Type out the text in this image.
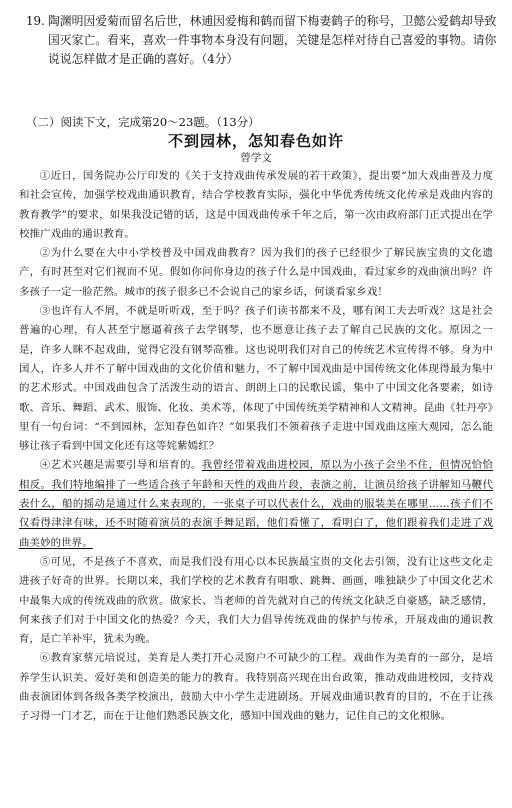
19. 陶渊明因爱菊而留名后世，林逋因爱梅和鹤而留下梅妻鹤子的称号，卫懿公爱鹤却导致国灭家亡。看来，喜欢一件事物本身没有问题，关键是怎样对待自己喜爱的事物。请你说说怎样做才是正确的喜好。（4分）
（二）阅读下文，完成第20～23题。（13分）
不到园林，怎知春色如许
曾学文

①近日，国务院办公厅印发的《关于支持戏曲传承发展的若干政策》，提出要“加大戏曲普及力度和社会宣传，加强学校戏曲通识教育，结合学校教育实际，强化中华优秀传统文化传承是戏曲内容的教育教学”的要求，如果我没记错的话，这是中国戏曲传承千年之后，第一次由政府部门正式提出在学校推广戏曲的通识教育。

②为什么要在大中小学校普及中国戏曲教育？因为我们的孩子已经很少了解民族宝贵的文化遗产，有时甚至对它们视而不见。假如你问你身边的孩子什么是中国戏曲，看过家乡的戏曲演出吗？许多孩子一定一脸茫然。城市的孩子很多已不会说自己的家乡话，何谈看家乡戏！

③也许有人不屑，不就是听听戏，至于吗？孩子们读书都来不及，哪有闲工夫去听戏？这是社会普遍的心理，有人甚至宁愿逼着孩子去学钢琴，也不愿意让孩子去了解自己民族的文化。原因之一是，许多人眯不起戏曲，觉得它没有钢琴高雅。这也说明我们对自己的传统艺术宣传得不够。身为中国人，许多人并不了解中国戏曲的文化价值和魅力，不了解中国戏曲是中国传统文化体现得最为集中的艺术形式。中国戏曲包含了活泼生动的语言、朗朗上口的民歌民谣，集中了中国文化各要素，如诗歌、音乐、舞蹈、武术、服饰、化妆、美术等，体现了中国传统美学精神和人文精神。昆曲《牡丹亭》里有一句台词：“不到园林，怎知春色如许？”如果我们不领着孩子走进中国戏曲这座大观园，怎么能够让孩子看到中国文化还有这等姹紫嫣红？

④艺术兴趣是需要引导和培育的。我曾经带着戏曲进校园，原以为小孩子会坐不住，但情况恰恰相反。我们特地编排了一些适合孩子年龄和天性的戏曲片段，表演之前，让演员给孩子讲解知马鞭代表什么，船的摇动是通过什么来表现的，一张桌子可以代表什么，戏曲的服装美在哪里……孩子们不仅看得津津有味，还不时随着演员的表演手舞足蹈，他们看懂了，看明白了，他们跟着我们走进了戏曲美妙的世界。

⑤可见，不是孩子不喜欢，而是我们没有用心以本民族最宝贵的文化去引领，没有让这些文化走进孩子好奇的世界。长期以来，我们学校的艺术教育有唱歌、跳舞、画画，唯独缺少了中国文化艺术中最集大成的传统戏曲的欣赏。做家长、当老师的首先就对自己的传统文化缺乏自豪感，缺乏感情，何来孩子们对于中国文化的热爱？今天，我们大力倡导传统戏曲的保护与传承，开展戏曲的通识教育，是亡羊补牢，犹未为晚。

⑥教育家蔡元培说过，美育是人类打开心灵窗户不可缺少的工程。戏曲作为美育的一部分，是培养学生认识美、爱好美和创造美的能力的教育。我特别高兴现在出台政策，推动戏曲进校园，支持戏曲表演团体到各级各类学校演出，鼓励大中小学生走进剧场。开展戏曲通识教育的目的，不在于让孩子习得一门才艺，而在于让他们熟悉民族文化，感知中国戏曲的魅力，记住自己的文化根脉。
